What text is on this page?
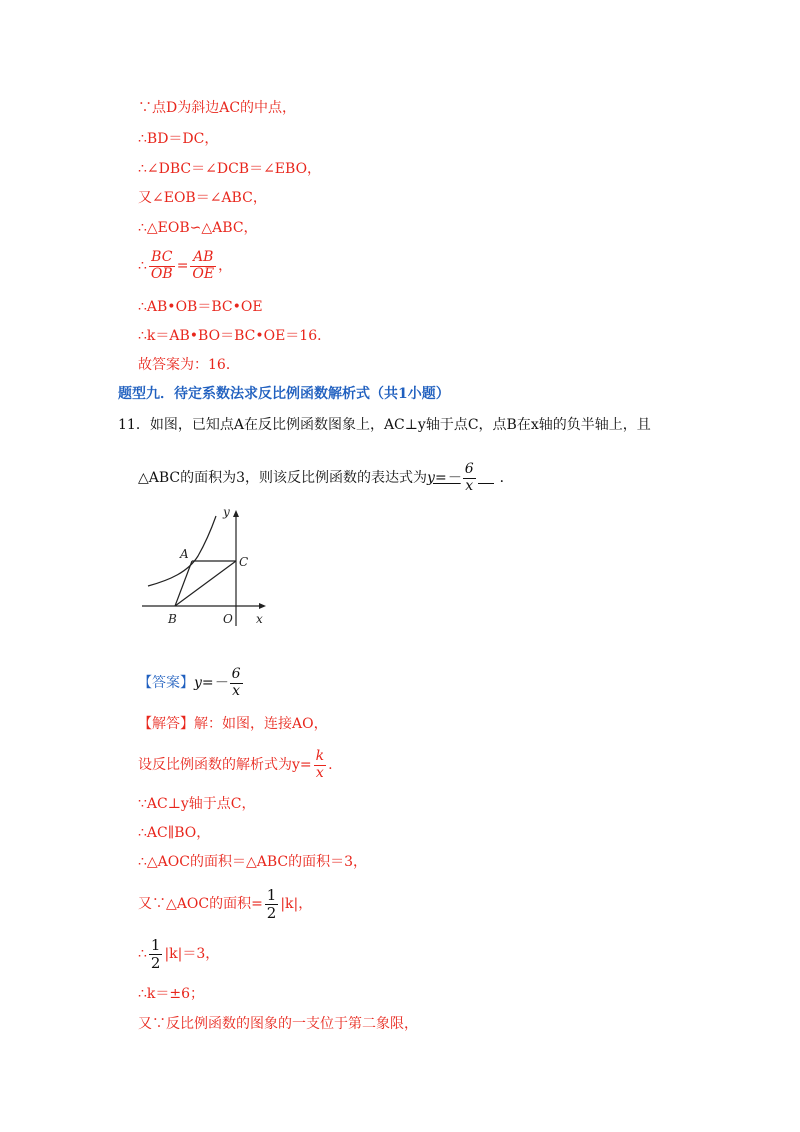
∵点D为斜边AC的中点，
∴BD＝DC，
∴∠DBC＝∠DCB＝∠EBO，
又∠EOB＝∠ABC，
∴△EOB∽△ABC，
∴ $\frac{BC}{OB} = \frac{AB}{OE}$ ，
∴AB•OB＝BC•OE
∴k＝AB•BO＝BC•OE＝16．
故答案为：16．
题型九．待定系数法求反比例函数解析式（共1小题）
11．如图，已知点A在反比例函数图象上，AC⊥y轴于点C，点B在x轴的负半轴上，且
△ABC的面积为3，则该反比例函数的表达式为$y=- \frac{6}{x}$ ．
y
x
A
B
C
O
【答案】$y=- \frac{6}{x}$
【解答】解：如图，连接AO，
设反比例函数的解析式为$y= \frac{k}{x}$ .
∵AC⊥y轴于点C，
∴AC∥BO，
∴△AOC的面积＝△ABC的面积＝3，
又∵△AOC的面积= $\frac{1}{2} |k|$，
∴ $\frac{1}{2} |k|=3$，
∴k＝±6；
又∵反比例函数的图象的一支位于第二象限，
